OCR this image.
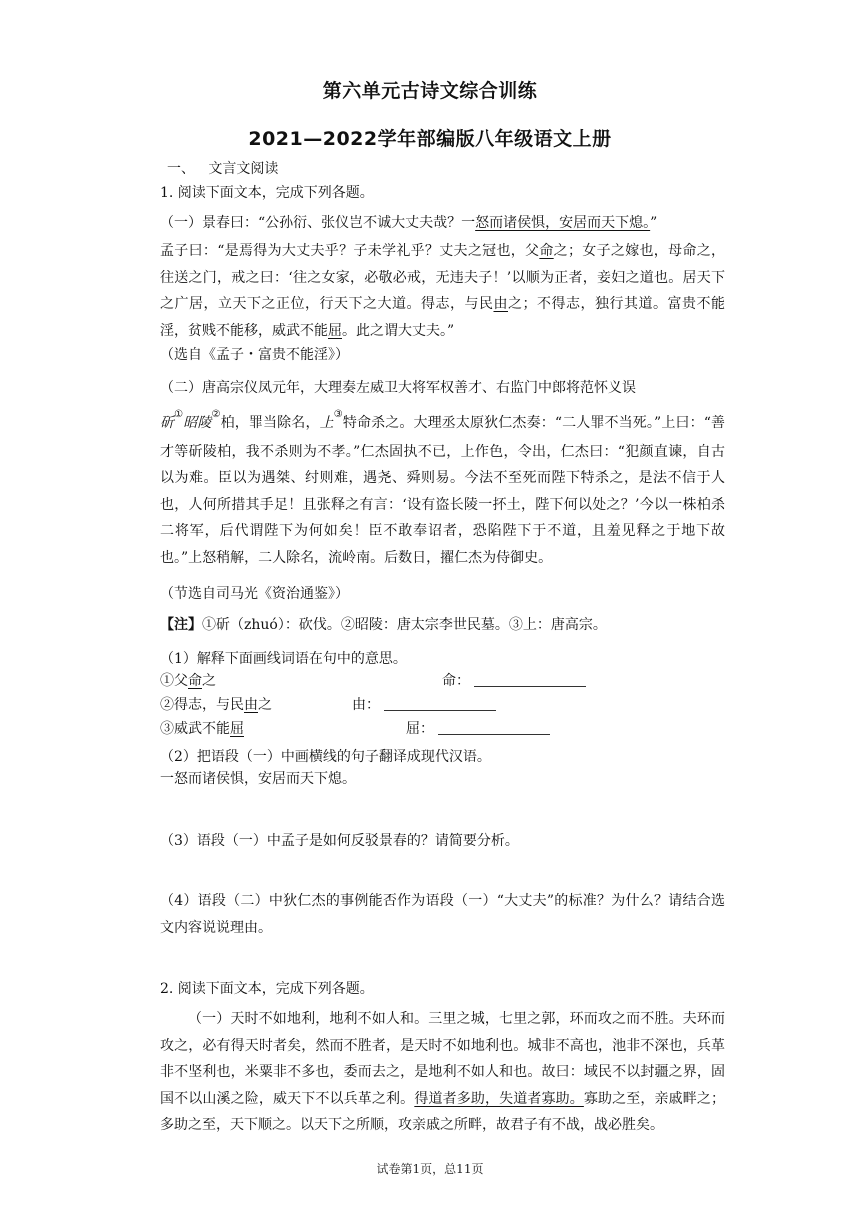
第六单元古诗文综合训练
2021—2022学年部编版八年级语文上册
一、 文言文阅读
1. 阅读下面文本，完成下列各题。
（一）景春曰：“公孙衍、张仪岂不诚大丈夫哉？一怒而诸侯惧，安居而天下熄。”
孟子曰：“是焉得为大丈夫乎？子未学礼乎？丈夫之冠也，父命之；女子之嫁也，母命之，往送之门，戒之曰：‘往之女家，必敬必戒，无违夫子！’以顺为正者，妾妇之道也。居天下之广居，立天下之正位，行天下之大道。得志，与民由之；不得志，独行其道。富贵不能淫，贫贱不能移，威武不能屈。此之谓大丈夫。”
（选自《孟子・富贵不能淫》）
（二）唐高宗仪凤元年，大理奏左威卫大将军权善才、右监门中郎将范怀义误
斫①昭陵②柏，罪当除名，上③特命杀之。大理丞太原狄仁杰奏：“二人罪不当死。”上曰：“善才等斫陵柏，我不杀则为不孝。”仁杰固执不已，上作色，令出，仁杰曰：“犯颜直谏，自古以为难。臣以为遇桀、纣则难，遇尧、舜则易。今法不至死而陛下特杀之，是法不信于人也，人何所措其手足！且张释之有言：‘设有盗长陵一抔土，陛下何以处之？’今以一株柏杀二将军，后代谓陛下为何如矣！臣不敢奉诏者，恐陷陛下于不道，且羞见释之于地下故也。”上怒稍解，二人除名，流岭南。后数日，擢仁杰为侍御史。
（节选自司马光《资治通鉴》）
【注】①斫（zhuó）：砍伐。②昭陵：唐太宗李世民墓。③上：唐高宗。
（1）解释下面画线词语在句中的意思。
①父命之	命：
②得志，与民由之	由：
③威武不能屈	屈：
（2）把语段（一）中画横线的句子翻译成现代汉语。
一怒而诸侯惧，安居而天下熄。
（3）语段（一）中孟子是如何反驳景春的？请简要分析。
（4）语段（二）中狄仁杰的事例能否作为语段（一）“大丈夫”的标准？为什么？请结合选文内容说说理由。
2. 阅读下面文本，完成下列各题。
（一）天时不如地利，地利不如人和。三里之城，七里之郭，环而攻之而不胜。夫环而攻之，必有得天时者矣，然而不胜者，是天时不如地利也。城非不高也，池非不深也，兵革非不坚利也，米粟非不多也，委而去之，是地利不如人和也。故曰：域民不以封疆之界，固国不以山溪之险，威天下不以兵革之利。得道者多助，失道者寡助。寡助之至，亲戚畔之；多助之至，天下顺之。以天下之所顺，攻亲戚之所畔，故君子有不战，战必胜矣。
试卷第1页，总11页
